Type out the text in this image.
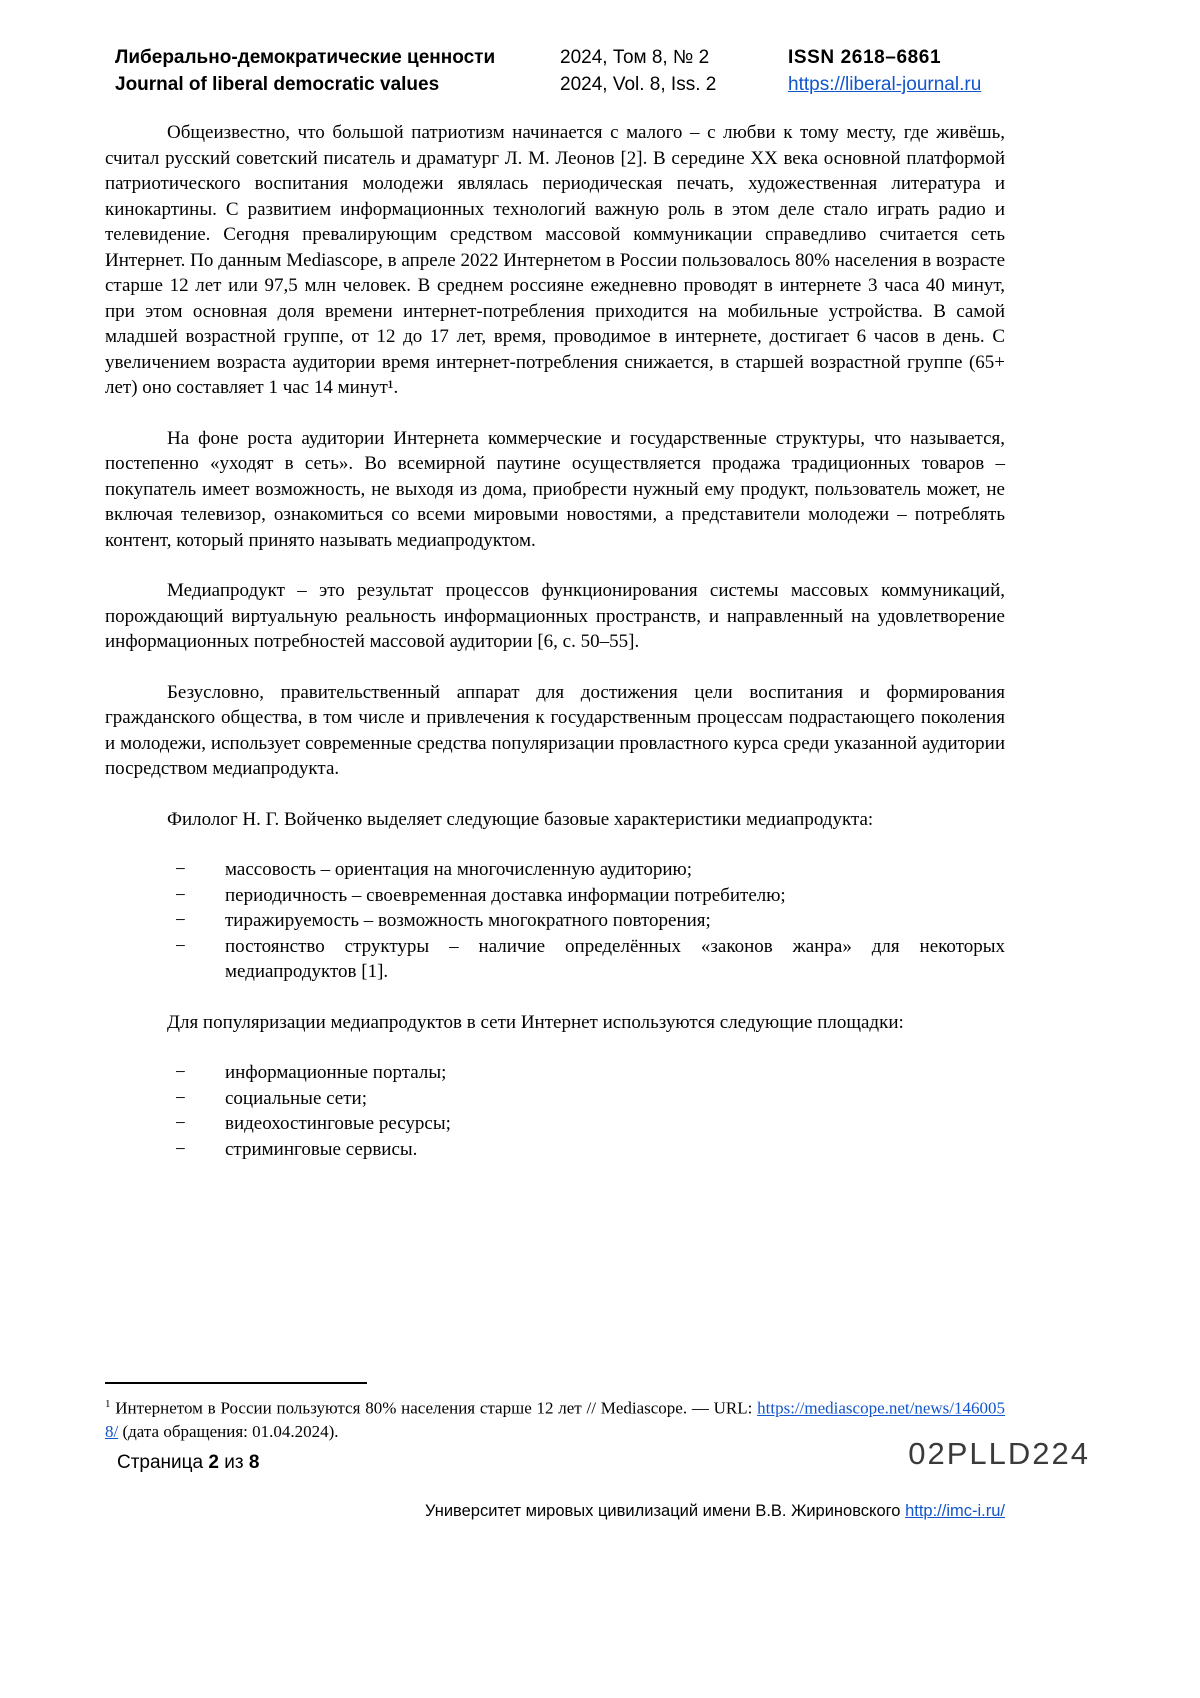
Либерально-демократические ценности
Journal of liberal democratic values
2024, Том 8, № 2
2024, Vol. 8, Iss. 2
ISSN 2618–6861
https://liberal-journal.ru

Общеизвестно, что большой патриотизм начинается с малого – с любви к тому месту, где живёшь, считал русский советский писатель и драматург Л. М. Леонов [2]. В середине XX века основной платформой патриотического воспитания молодежи являлась периодическая печать, художественная литература и кинокартины. С развитием информационных технологий важную роль в этом деле стало играть радио и телевидение. Сегодня превалирующим средством массовой коммуникации справедливо считается сеть Интернет. По данным Mediascope, в апреле 2022 Интернетом в России пользовалось 80% населения в возрасте старше 12 лет или 97,5 млн человек. В среднем россияне ежедневно проводят в интернете 3 часа 40 минут, при этом основная доля времени интернет-потребления приходится на мобильные устройства. В самой младшей возрастной группе, от 12 до 17 лет, время, проводимое в интернете, достигает 6 часов в день. С увеличением возраста аудитории время интернет-потребления снижается, в старшей возрастной группе (65+ лет) оно составляет 1 час 14 минут¹.

На фоне роста аудитории Интернета коммерческие и государственные структуры, что называется, постепенно «уходят в сеть». Во всемирной паутине осуществляется продажа традиционных товаров – покупатель имеет возможность, не выходя из дома, приобрести нужный ему продукт, пользователь может, не включая телевизор, ознакомиться со всеми мировыми новостями, а представители молодежи – потреблять контент, который принято называть медиапродуктом.

Медиапродукт – это результат процессов функционирования системы массовых коммуникаций, порождающий виртуальную реальность информационных пространств, и направленный на удовлетворение информационных потребностей массовой аудитории [6, с. 50–55].

Безусловно, правительственный аппарат для достижения цели воспитания и формирования гражданского общества, в том числе и привлечения к государственным процессам подрастающего поколения и молодежи, использует современные средства популяризации провластного курса среди указанной аудитории посредством медиапродукта.

Филолог Н. Г. Войченко выделяет следующие базовые характеристики медиапродукта:

−	массовость – ориентация на многочисленную аудиторию;
−	периодичность – своевременная доставка информации потребителю;
−	тиражируемость – возможность многократного повторения;
−	постоянство структуры – наличие определённых «законов жанра» для некоторых медиапродуктов [1].

Для популяризации медиапродуктов в сети Интернет используются следующие площадки:

−	информационные порталы;
−	социальные сети;
−	видеохостинговые ресурсы;
−	стриминговые сервисы.

$^1$ Интернетом в России пользуются 80% населения старше 12 лет // Mediascope. — URL: https://mediascope.net/news/1460058/ (дата обращения: 01.04.2024).

Страница 2 из 8	02PLLD224
Университет мировых цивилизаций имени В.В. Жириновского http://imc-i.ru/
